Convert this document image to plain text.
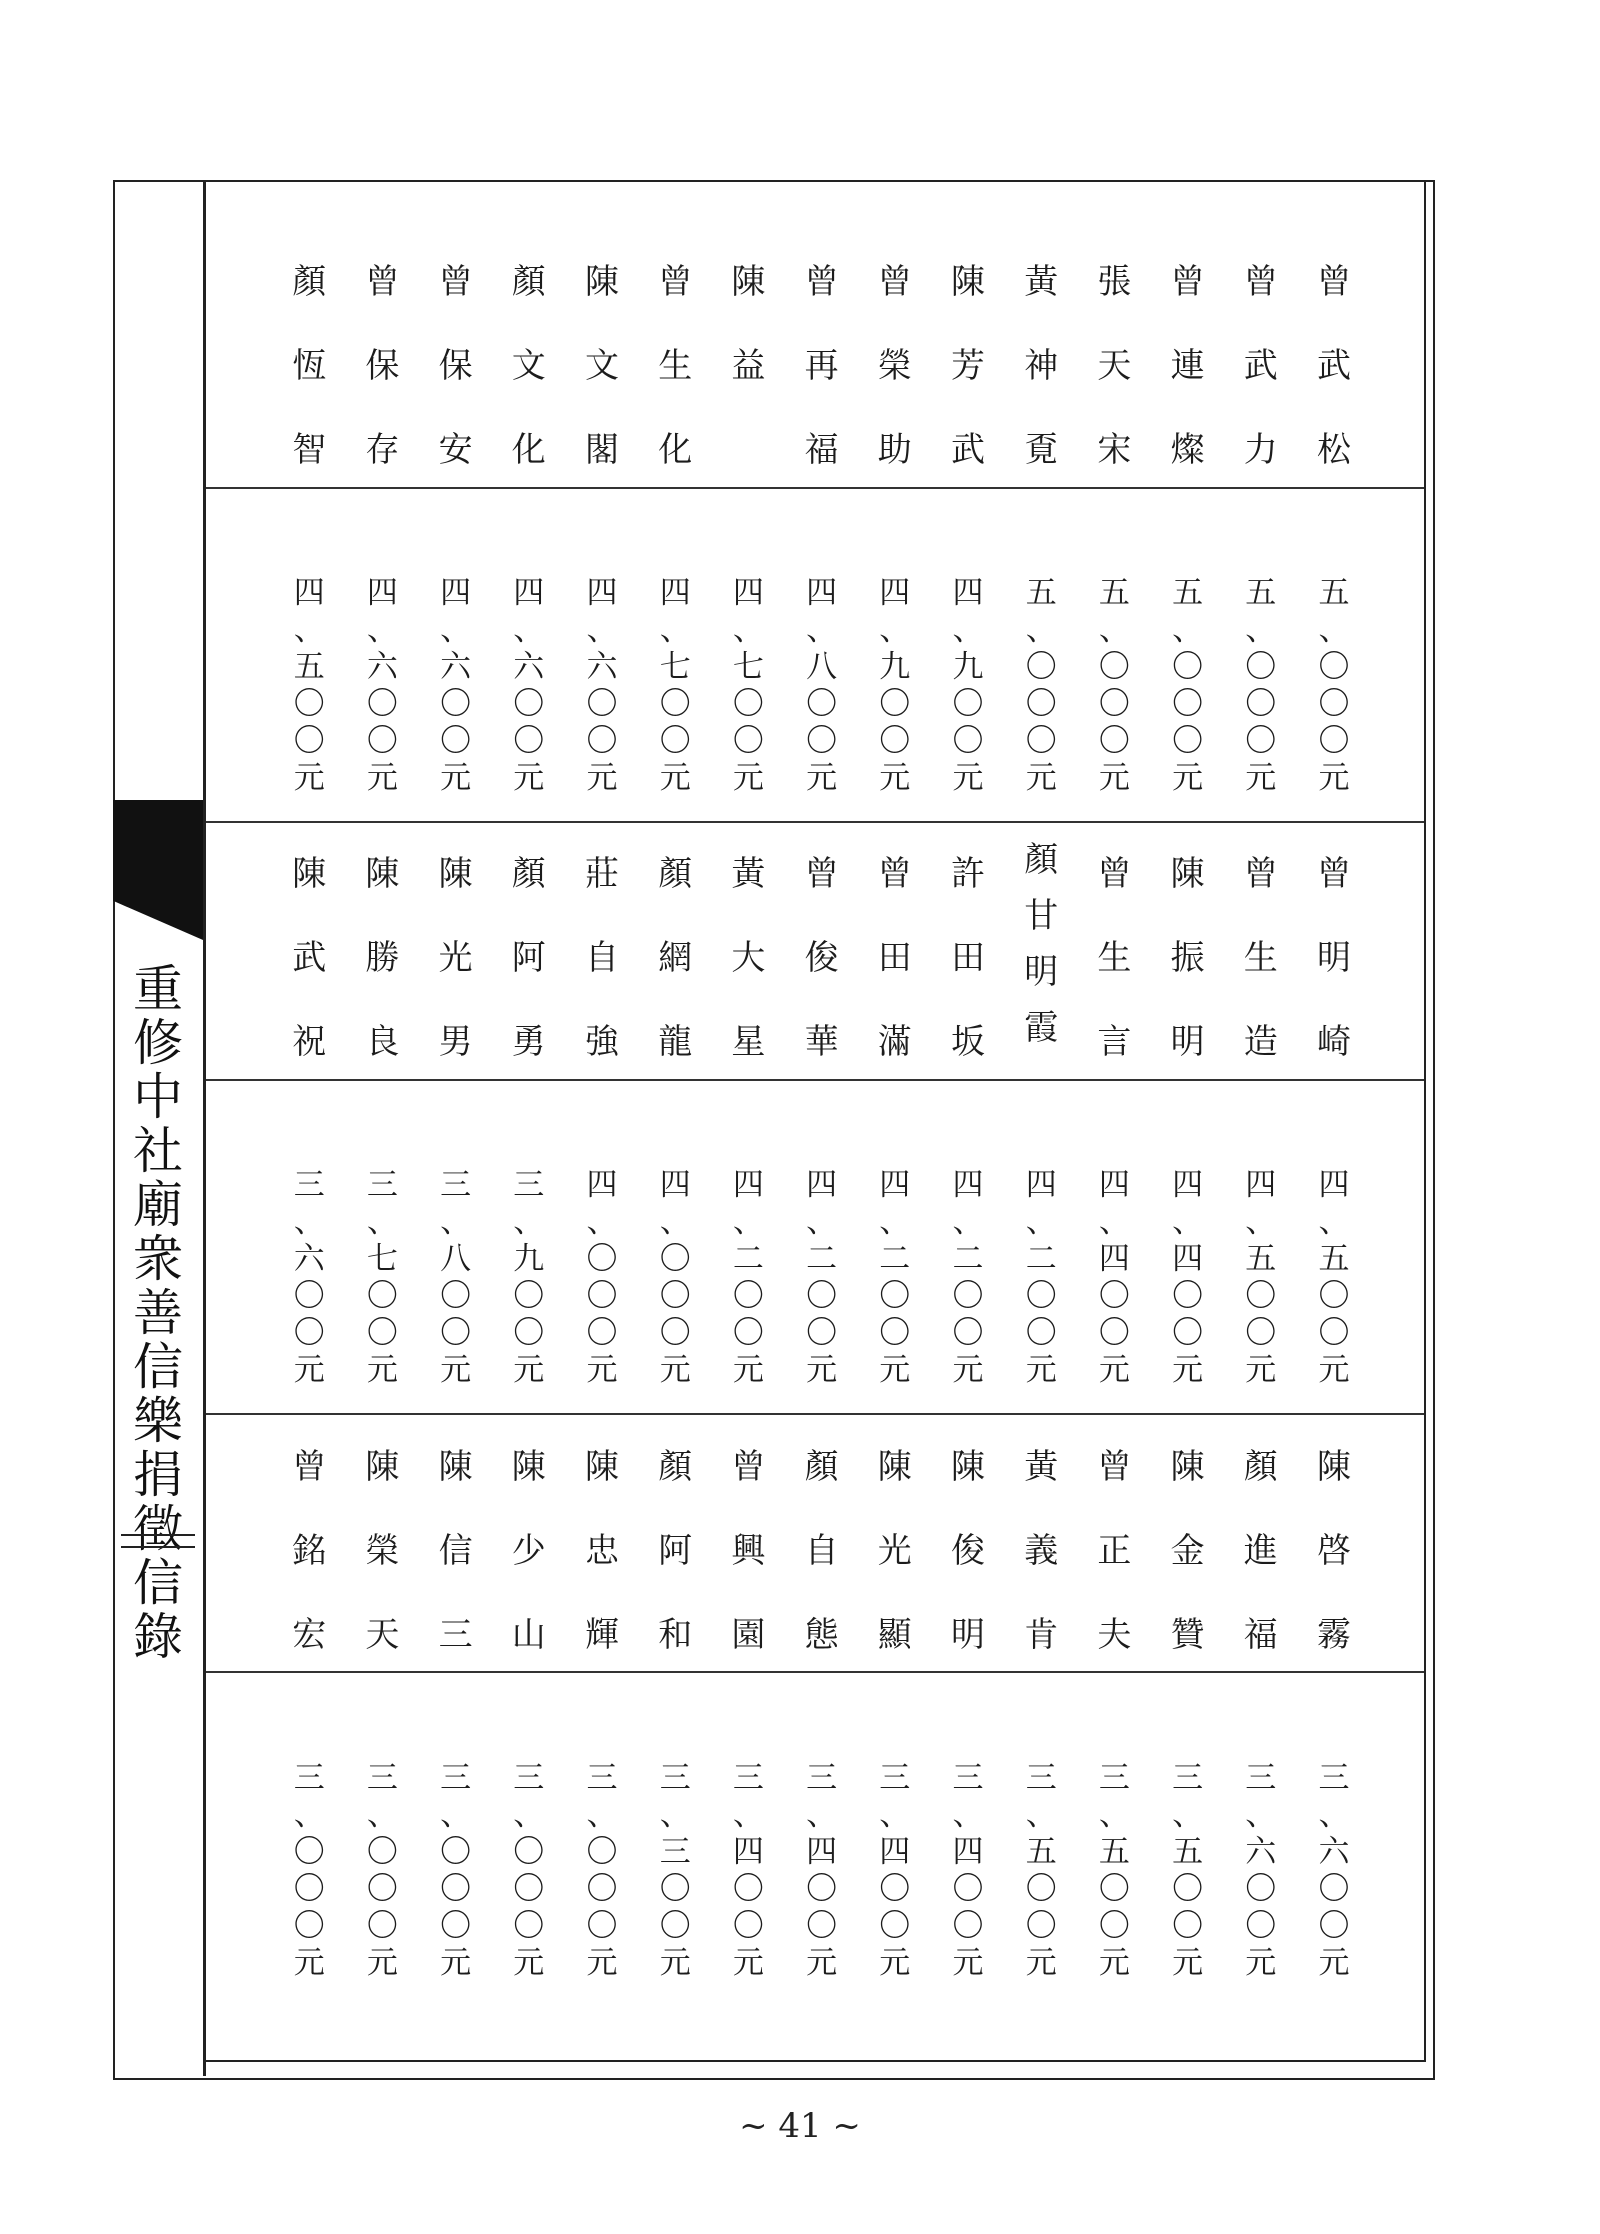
重
修
中
社
廟
衆
善
信
樂
捐
徵
信
錄
曾
武
松
五
、
〇
〇
〇
元
曾
武
力
五
、
〇
〇
〇
元
曾
連
燦
五
、
〇
〇
〇
元
張
天
宋
五
、
〇
〇
〇
元
黃
神
覔
五
、
〇
〇
〇
元
陳
芳
武
四
、
九
〇
〇
元
曾
榮
助
四
、
九
〇
〇
元
曾
再
福
四
、
八
〇
〇
元
陳
益
四
、
七
〇
〇
元
曾
生
化
四
、
七
〇
〇
元
陳
文
閣
四
、
六
〇
〇
元
顏
文
化
四
、
六
〇
〇
元
曾
保
安
四
、
六
〇
〇
元
曾
保
存
四
、
六
〇
〇
元
顏
恆
智
四
、
五
〇
〇
元
曾
明
崎
四
、
五
〇
〇
元
曾
生
造
四
、
五
〇
〇
元
陳
振
明
四
、
四
〇
〇
元
曾
生
言
四
、
四
〇
〇
元
顏
甘
明
霞
四
、
二
〇
〇
元
許
田
坂
四
、
二
〇
〇
元
曾
田
滿
四
、
二
〇
〇
元
曾
俊
華
四
、
二
〇
〇
元
黃
大
星
四
、
二
〇
〇
元
顏
網
龍
四
、
〇
〇
〇
元
莊
自
強
四
、
〇
〇
〇
元
顏
阿
勇
三
、
九
〇
〇
元
陳
光
男
三
、
八
〇
〇
元
陳
勝
良
三
、
七
〇
〇
元
陳
武
祝
三
、
六
〇
〇
元
陳
啓
霧
三
、
六
〇
〇
元
顏
進
福
三
、
六
〇
〇
元
陳
金
贊
三
、
五
〇
〇
元
曾
正
夫
三
、
五
〇
〇
元
黃
義
肯
三
、
五
〇
〇
元
陳
俊
明
三
、
四
〇
〇
元
陳
光
顯
三
、
四
〇
〇
元
顏
自
態
三
、
四
〇
〇
元
曾
興
園
三
、
四
〇
〇
元
顏
阿
和
三
、
三
〇
〇
元
陳
忠
輝
三
、
〇
〇
〇
元
陳
少
山
三
、
〇
〇
〇
元
陳
信
三
三
、
〇
〇
〇
元
陳
榮
天
三
、
〇
〇
〇
元
曾
銘
宏
三
、
〇
〇
〇
元
~ 41 ~
